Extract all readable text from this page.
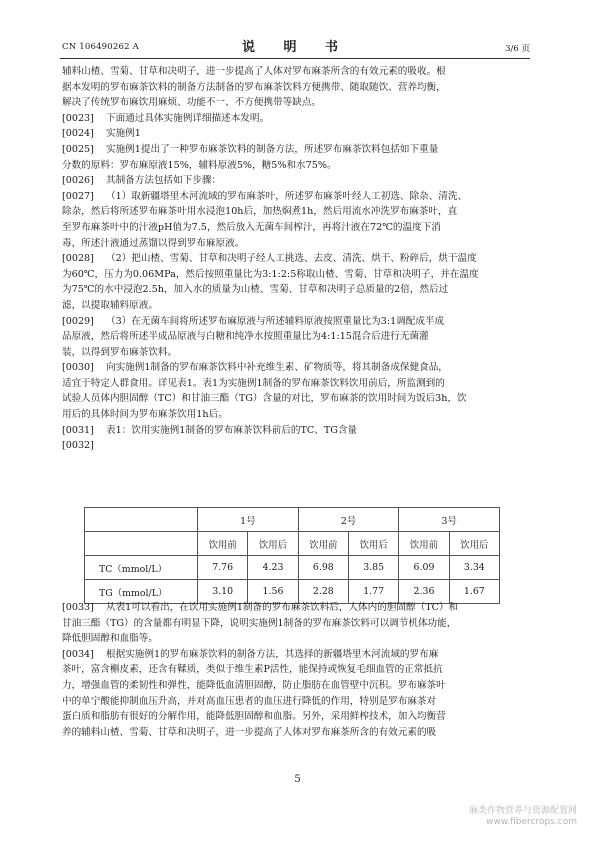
CN 106490262 A	说 明 书	3/6 页
辅料山楂、雪菊、甘草和决明子，进一步提高了人体对罗布麻茶所含的有效元素的吸收。根
据本发明的罗布麻茶饮料的制备方法制备的罗布麻茶饮料方便携带、随取随饮、营养均衡，
解决了传统罗布麻饮用麻烦、功能不一、不方便携带等缺点。
[0023] 下面通过具体实施例详细描述本发明。
[0024] 实施例1
[0025] 实施例1提出了一种罗布麻茶饮料的制备方法，所述罗布麻茶饮料包括如下重量
分数的原料：罗布麻原液15%，辅料原液5%，糖5%和水75%。
[0026] 其制备方法包括如下步骤：
[0027] （1）取新疆塔里木河流域的罗布麻茶叶，所述罗布麻茶叶经人工初选、除杂、清洗、
除杂，然后将所述罗布麻茶叶用水浸泡10h后，加热焖煮1h，然后用流水冲洗罗布麻茶叶，直
至罗布麻茶叶中的汁液pH值为7.5，然后放入无菌车间榨汁，再将汁液在72℃的温度下消
毒，所述汁液通过蒸馏以得到罗布麻原液。
[0028] （2）把山楂、雪菊、甘草和决明子经人工挑选、去皮、清洗、烘干、粉碎后，烘干温度
为60℃，压力为0.06MPa，然后按照重量比为3:1:2:5称取山楂、雪菊、甘草和决明子，并在温度
为75℃的水中浸泡2.5h，加入水的质量为山楂、雪菊、甘草和决明子总质量的2倍，然后过
滤，以提取辅料原液。
[0029] （3）在无菌车间将所述罗布麻原液与所述辅料原液按照重量比为3:1调配成半成
品原液，然后将所述半成品原液与白糖和纯净水按照重量比为4:1:15混合后进行无菌灌
装，以得到罗布麻茶饮料。
[0030] 向实施例1制备的罗布麻茶饮料中补充维生素、矿物质等，将其制备成保健食品，
适宜于特定人群食用。详见表1。表1为实施例1制备的罗布麻茶饮料饮用前后，所监测到的
试验人员体内胆固醇（TC）和甘油三酯（TG）含量的对比，罗布麻茶的饮用时间为饭后3h，饮
用后的具体时间为罗布麻茶饮用1h后。
[0031] 表1：饮用实施例1制备的罗布麻茶饮料前后的TC、TG含量
[0032]
	1号		2号		3号	
	饮用前	饮用后	饮用前	饮用后	饮用前	饮用后
TC（mmol/L）	7.76	4.23	6.98	3.85	6.09	3.34
TG（mmol/L）	3.10	1.56	2.28	1.77	2.36	1.67
[0033] 从表1可以看出，在饮用实施例1制备的罗布麻茶饮料后，人体内的胆固醇（TC）和
甘油三酯（TG）的含量都有明显下降，说明实施例1制备的罗布麻茶饮料可以调节机体功能，
降低胆固醇和血脂等。
[0034] 根据实施例1的罗布麻茶饮料的制备方法，其选择的新疆塔里木河流域的罗布麻
茶叶，富含槲皮素，还含有鞣质，类似于维生素P活性，能保持或恢复毛细血管的正常抵抗
力，增强血管的柔韧性和弹性，能降低血清胆固醇，防止脂肪在血管壁中沉积。罗布麻茶叶
中的单宁酸能抑制血压升高，并对高血压患者的血压进行降低的作用，特别是罗布麻茶对
蛋白质和脂肪有很好的分解作用，能降低胆固醇和血脂。另外，采用鲜榨技术，加入均衡营
养的辅料山楂、雪菊、甘草和决明子，进一步提高了人体对罗布麻茶所含的有效元素的吸
5
麻类作物营养与资源配置网
www.fibercrops.com
